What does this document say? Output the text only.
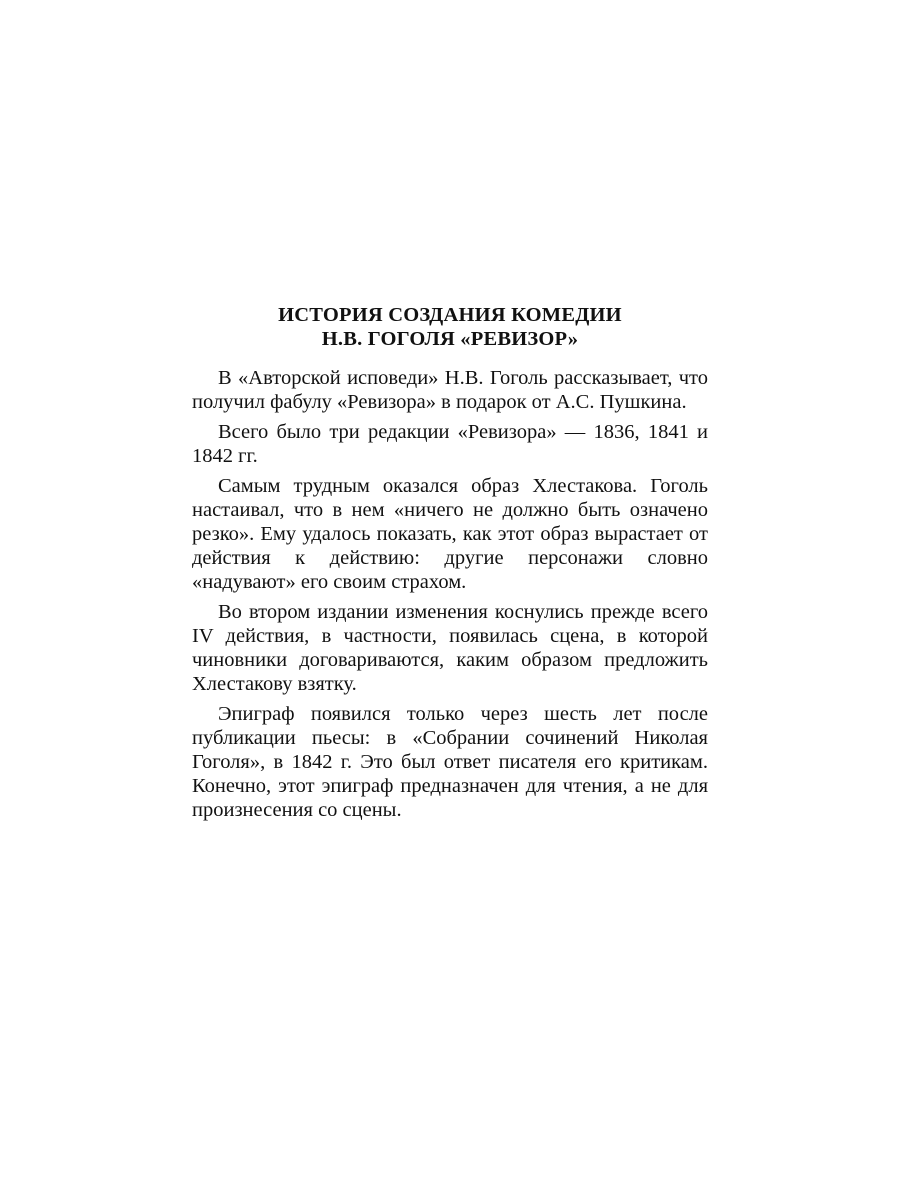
ИСТОРИЯ СОЗДАНИЯ КОМЕДИИ
Н.В. ГОГОЛЯ «РЕВИЗОР»

В «Авторской исповеди» Н.В. Гоголь рассказывает, что получил фабулу «Ревизора» в подарок от А.С. Пушкина.

Всего было три редакции «Ревизора» — 1836, 1841 и 1842 гг.

Самым трудным оказался образ Хлестакова. Гоголь настаивал, что в нем «ничего не должно быть означено резко». Ему удалось показать, как этот образ вырастает от действия к действию: другие персонажи словно «надувают» его своим страхом.

Во втором издании изменения коснулись прежде всего IV действия, в частности, появилась сцена, в которой чиновники договариваются, каким образом предложить Хлестакову взятку.

Эпиграф появился только через шесть лет после публикации пьесы: в «Собрании сочинений Николая Гоголя», в 1842 г. Это был ответ писателя его критикам. Конечно, этот эпиграф предназначен для чтения, а не для произнесения со сцены.
